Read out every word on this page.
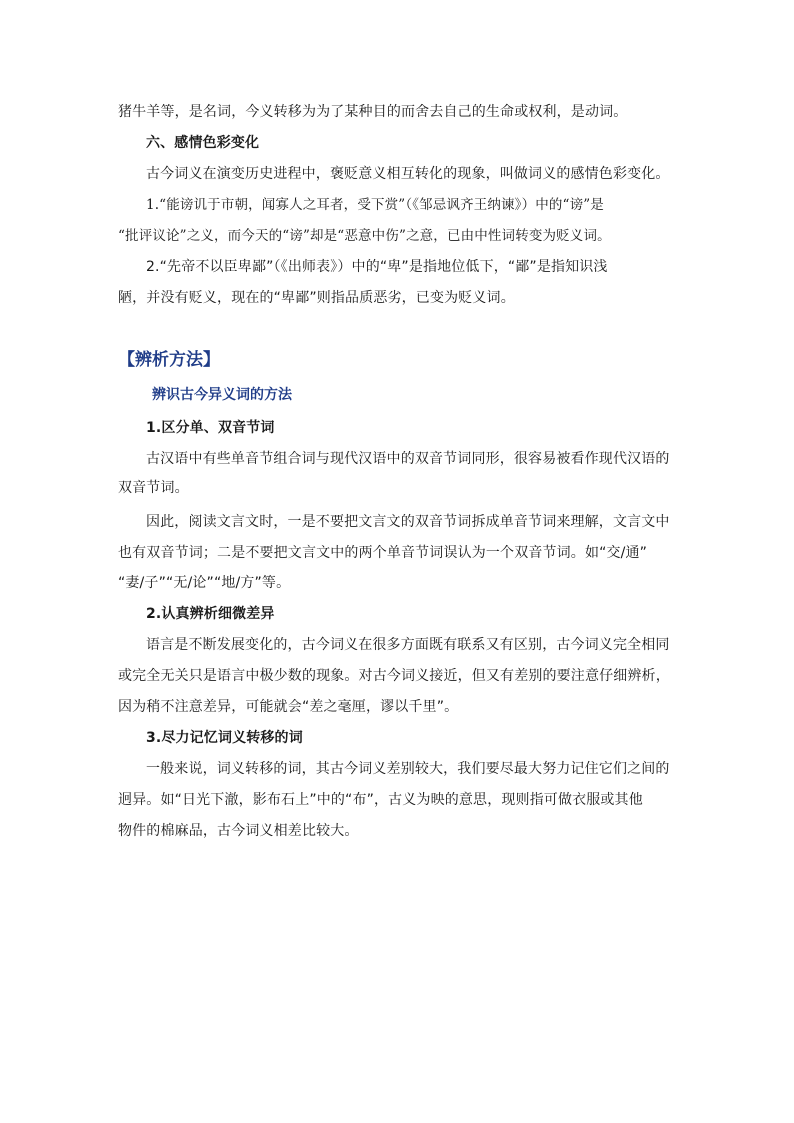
猪牛羊等，是名词，今义转移为为了某种目的而舍去自己的生命或权利，是动词。
六、感情色彩变化
古今词义在演变历史进程中，褒贬意义相互转化的现象，叫做词义的感情色彩变化。
1.“能谤讥于市朝，闻寡人之耳者，受下赏”（《邹忌讽齐王纳谏》）中的“谤”是
“批评议论”之义，而今天的“谤”却是“恶意中伤”之意，已由中性词转变为贬义词。
2.“先帝不以臣卑鄙”（《出师表》）中的“卑”是指地位低下，“鄙”是指知识浅
陋，并没有贬义，现在的“卑鄙”则指品质恶劣，已变为贬义词。
【辨析方法】
辨识古今异义词的方法
1.区分单、双音节词
古汉语中有些单音节组合词与现代汉语中的双音节词同形，很容易被看作现代汉语的
双音节词。
因此，阅读文言文时，一是不要把文言文的双音节词拆成单音节词来理解，文言文中
也有双音节词；二是不要把文言文中的两个单音节词误认为一个双音节词。如“交/通”
“妻/子”“无/论”“地/方”等。
2.认真辨析细微差异
语言是不断发展变化的，古今词义在很多方面既有联系又有区别，古今词义完全相同
或完全无关只是语言中极少数的现象。对古今词义接近，但又有差别的要注意仔细辨析，
因为稍不注意差异，可能就会“差之毫厘，谬以千里”。
3.尽力记忆词义转移的词
一般来说，词义转移的词，其古今词义差别较大，我们要尽最大努力记住它们之间的
迥异。如“日光下澈，影布石上”中的“布”，古义为映的意思，现则指可做衣服或其他
物件的棉麻品，古今词义相差比较大。
